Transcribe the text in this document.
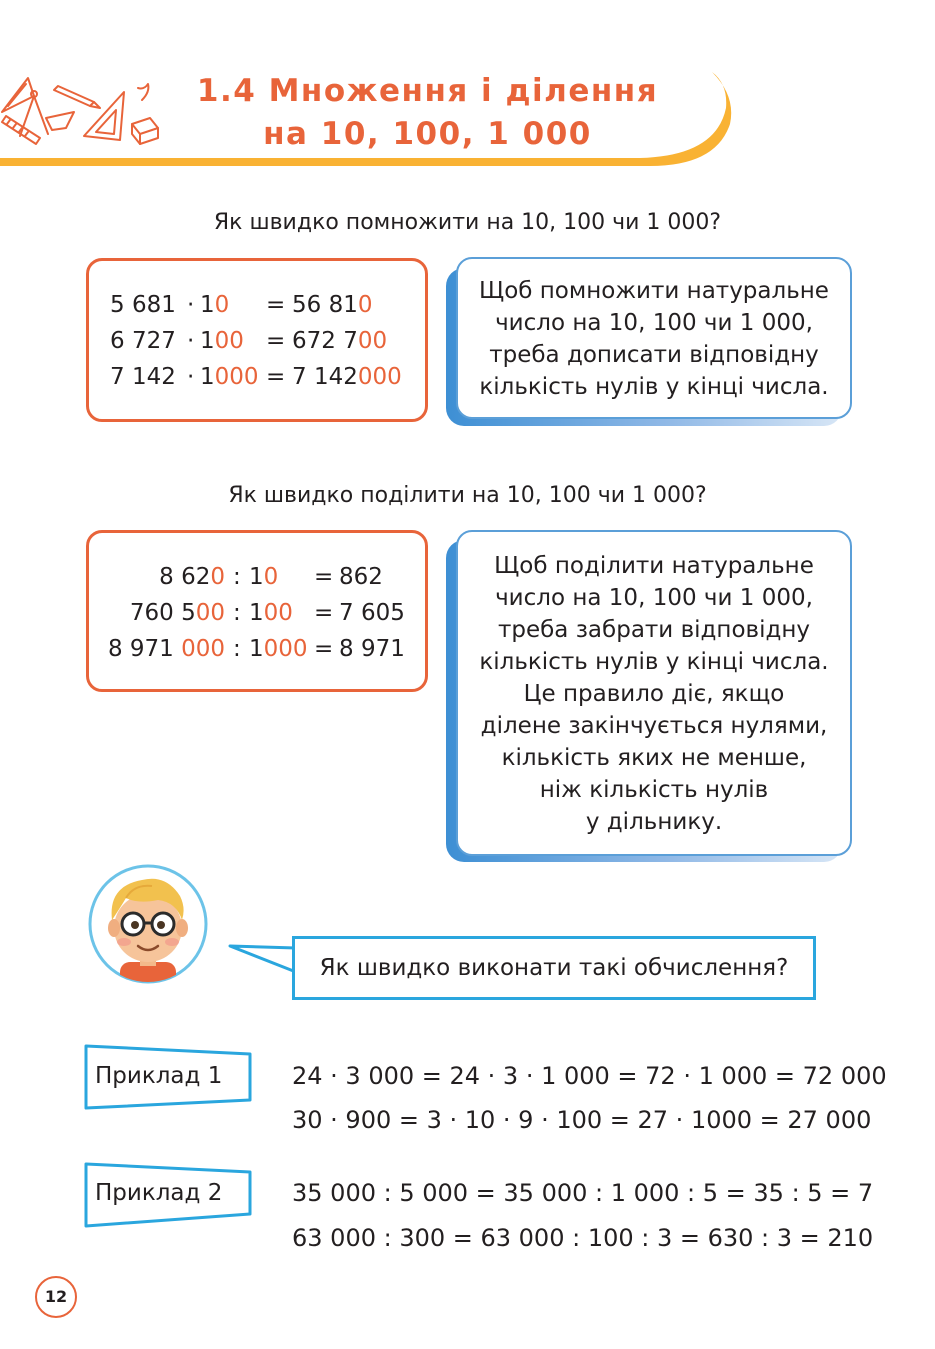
1.4 Множення і ділення
на 10, 100, 1 000
Як швидко помножити на 10, 100 чи 1 000?
5 681 · 10 = 56 810
6 727 · 100 = 672 700
7 142 · 1000 = 7 142000
Щоб помножити натуральне
число на 10, 100 чи 1 000,
треба дописати відповідну
кількість нулів у кінці числа.
Як швидко поділити на 10, 100 чи 1 000?
8 620 : 10 = 862
760 500 : 100 = 7 605
8 971 000 : 1000 = 8 971
Щоб поділити натуральне
число на 10, 100 чи 1 000,
треба забрати відповідну
кількість нулів у кінці числа.
Це правило діє, якщо
ділене закінчується нулями,
кількість яких не менше,
ніж кількість нулів
у дільнику.
Як швидко виконати такі обчислення?
Приклад 1	24 · 3 000 = 24 · 3 · 1 000 = 72 · 1 000 = 72 000
30 · 900 = 3 · 10 · 9 · 100 = 27 · 1000 = 27 000
Приклад 2	35 000 : 5 000 = 35 000 : 1 000 : 5 = 35 : 5 = 7
63 000 : 300 = 63 000 : 100 : 3 = 630 : 3 = 210
12
